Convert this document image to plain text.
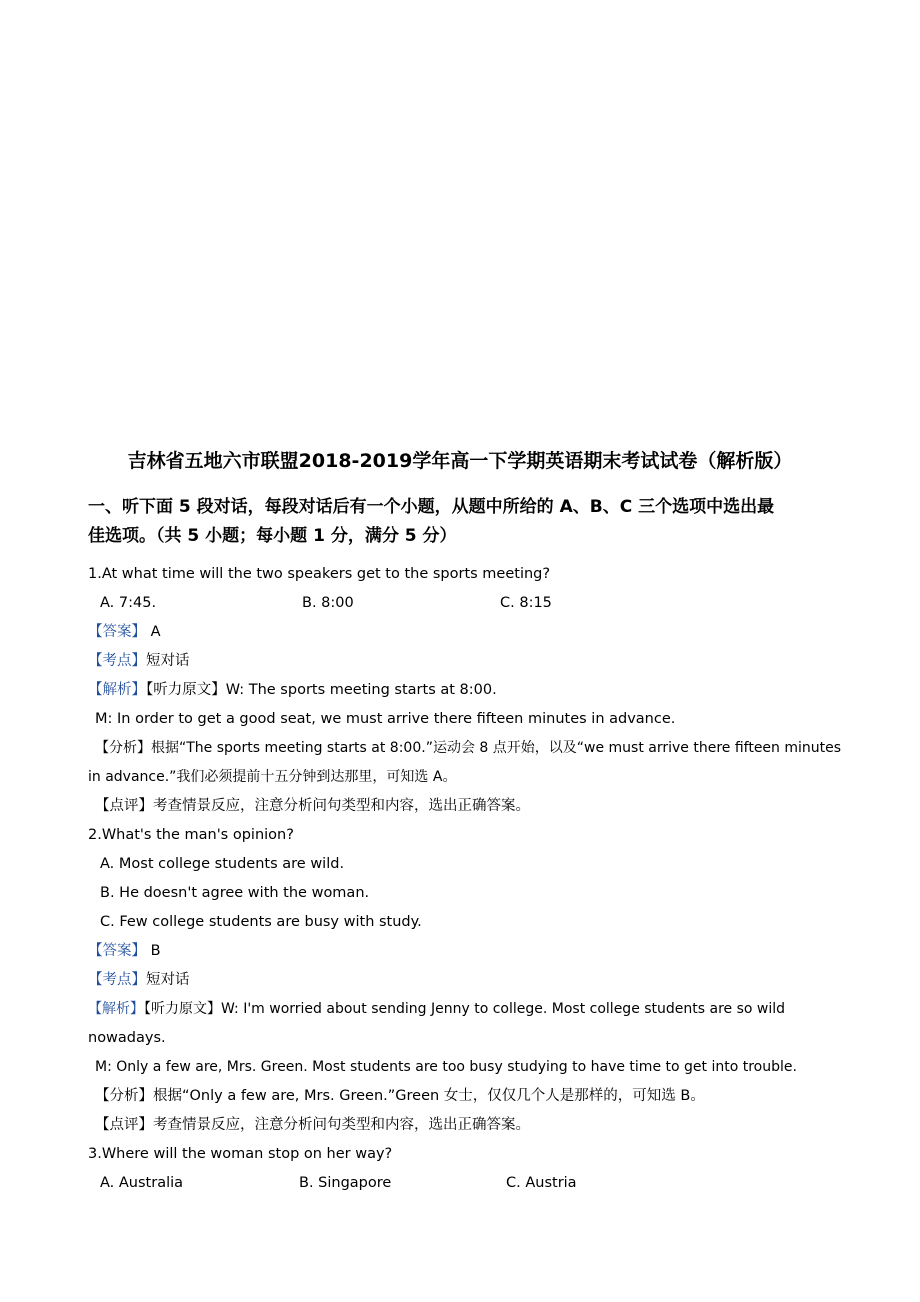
吉林省五地六市联盟2018-2019学年高一下学期英语期末考试试卷（解析版）
一、听下面 5 段对话，每段对话后有一个小题，从题中所给的 A、B、C 三个选项中选出最
佳选项。（共 5 小题；每小题 1 分，满分 5 分）
1.At what time will the two speakers get to the sports meeting?
A. 7:45.	B. 8:00	C. 8:15
【答案】 A
【考点】短对话
【解析】【听力原文】W: The sports meeting starts at 8:00.
M: In order to get a good seat, we must arrive there fifteen minutes in advance.
【分析】根据“The sports meeting starts at 8:00.”运动会 8 点开始，以及“we must arrive there fifteen minutes
in advance.”我们必须提前十五分钟到达那里，可知选 A。
【点评】考查情景反应，注意分析问句类型和内容，选出正确答案。
2.What's the man's opinion?
A. Most college students are wild.
B. He doesn't agree with the woman.
C. Few college students are busy with study.
【答案】 B
【考点】短对话
【解析】【听力原文】W: I'm worried about sending Jenny to college. Most college students are so wild
nowadays.
M: Only a few are, Mrs. Green. Most students are too busy studying to have time to get into trouble.
【分析】根据“Only a few are, Mrs. Green.”Green 女士，仅仅几个人是那样的，可知选 B。
【点评】考查情景反应，注意分析问句类型和内容，选出正确答案。
3.Where will the woman stop on her way?
A. Australia	B. Singapore	C. Austria
